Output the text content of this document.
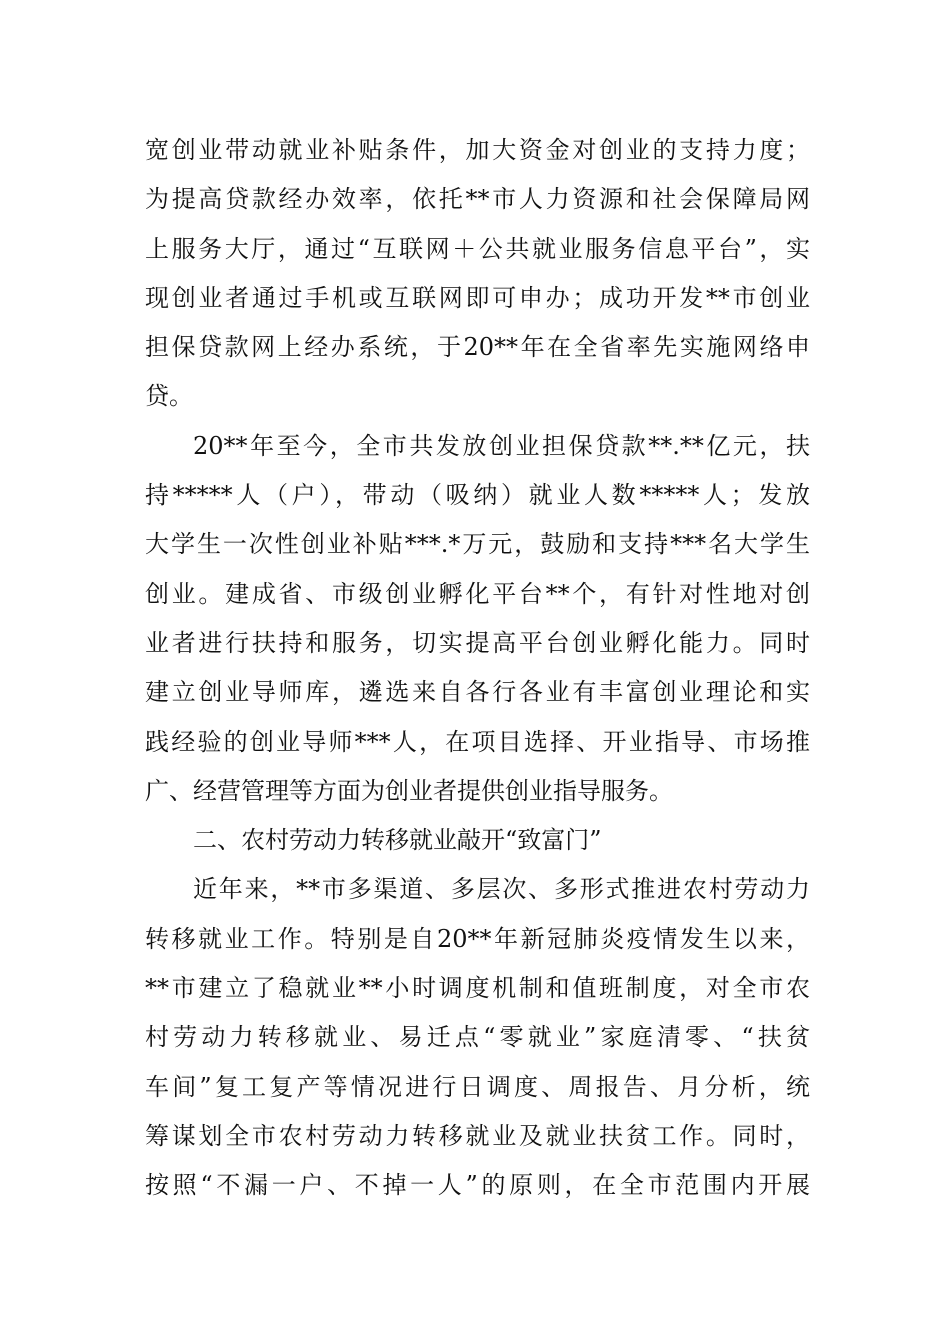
宽创业带动就业补贴条件，加大资金对创业的支持力度；
为提高贷款经办效率，依托**市人力资源和社会保障局网
上服务大厅，通过“互联网＋公共就业服务信息平台”，实
现创业者通过手机或互联网即可申办；成功开发**市创业
担保贷款网上经办系统，于20**年在全省率先实施网络申
贷。
20**年至今，全市共发放创业担保贷款**.**亿元，扶
持*****人（户），带动（吸纳）就业人数*****人；发放
大学生一次性创业补贴***.*万元，鼓励和支持***名大学生
创业。建成省、市级创业孵化平台**个，有针对性地对创
业者进行扶持和服务，切实提高平台创业孵化能力。同时
建立创业导师库，遴选来自各行各业有丰富创业理论和实
践经验的创业导师***人，在项目选择、开业指导、市场推
广、经营管理等方面为创业者提供创业指导服务。
二、农村劳动力转移就业敲开“致富门”
近年来，**市多渠道、多层次、多形式推进农村劳动力
转移就业工作。特别是自20**年新冠肺炎疫情发生以来，
**市建立了稳就业**小时调度机制和值班制度，对全市农
村劳动力转移就业、易迁点“零就业”家庭清零、“扶贫
车间”复工复产等情况进行日调度、周报告、月分析，统
筹谋划全市农村劳动力转移就业及就业扶贫工作。同时，
按照“不漏一户、不掉一人”的原则，在全市范围内开展
